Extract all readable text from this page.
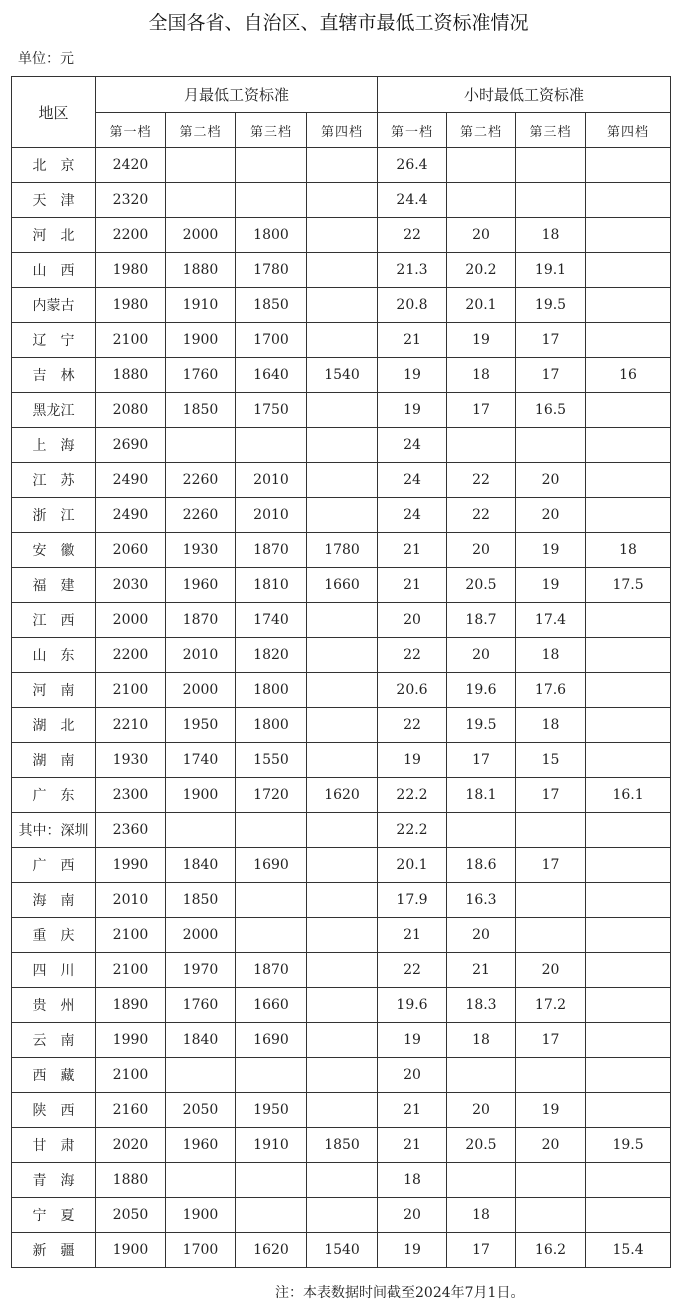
全国各省、自治区、直辖市最低工资标准情况
单位：元
地区	月最低工资标准				小时最低工资标准			
	第一档	第二档	第三档	第四档	第一档	第二档	第三档	第四档
北　京	2420				26.4			
天　津	2320				24.4			
河　北	2200	2000	1800		22	20	18	
山　西	1980	1880	1780		21.3	20.2	19.1	
内蒙古	1980	1910	1850		20.8	20.1	19.5	
辽　宁	2100	1900	1700		21	19	17	
吉　林	1880	1760	1640	1540	19	18	17	16
黑龙江	2080	1850	1750		19	17	16.5	
上　海	2690				24			
江　苏	2490	2260	2010		24	22	20	
浙　江	2490	2260	2010		24	22	20	
安　徽	2060	1930	1870	1780	21	20	19	18
福　建	2030	1960	1810	1660	21	20.5	19	17.5
江　西	2000	1870	1740		20	18.7	17.4	
山　东	2200	2010	1820		22	20	18	
河　南	2100	2000	1800		20.6	19.6	17.6	
湖　北	2210	1950	1800		22	19.5	18	
湖　南	1930	1740	1550		19	17	15	
广　东	2300	1900	1720	1620	22.2	18.1	17	16.1
其中：深圳	2360				22.2			
广　西	1990	1840	1690		20.1	18.6	17	
海　南	2010	1850			17.9	16.3		
重　庆	2100	2000			21	20		
四　川	2100	1970	1870		22	21	20	
贵　州	1890	1760	1660		19.6	18.3	17.2	
云　南	1990	1840	1690		19	18	17	
西　藏	2100				20			
陕　西	2160	2050	1950		21	20	19	
甘　肃	2020	1960	1910	1850	21	20.5	20	19.5
青　海	1880				18			
宁　夏	2050	1900			20	18		
新　疆	1900	1700	1620	1540	19	17	16.2	15.4
注：本表数据时间截至2024年7月1日。
